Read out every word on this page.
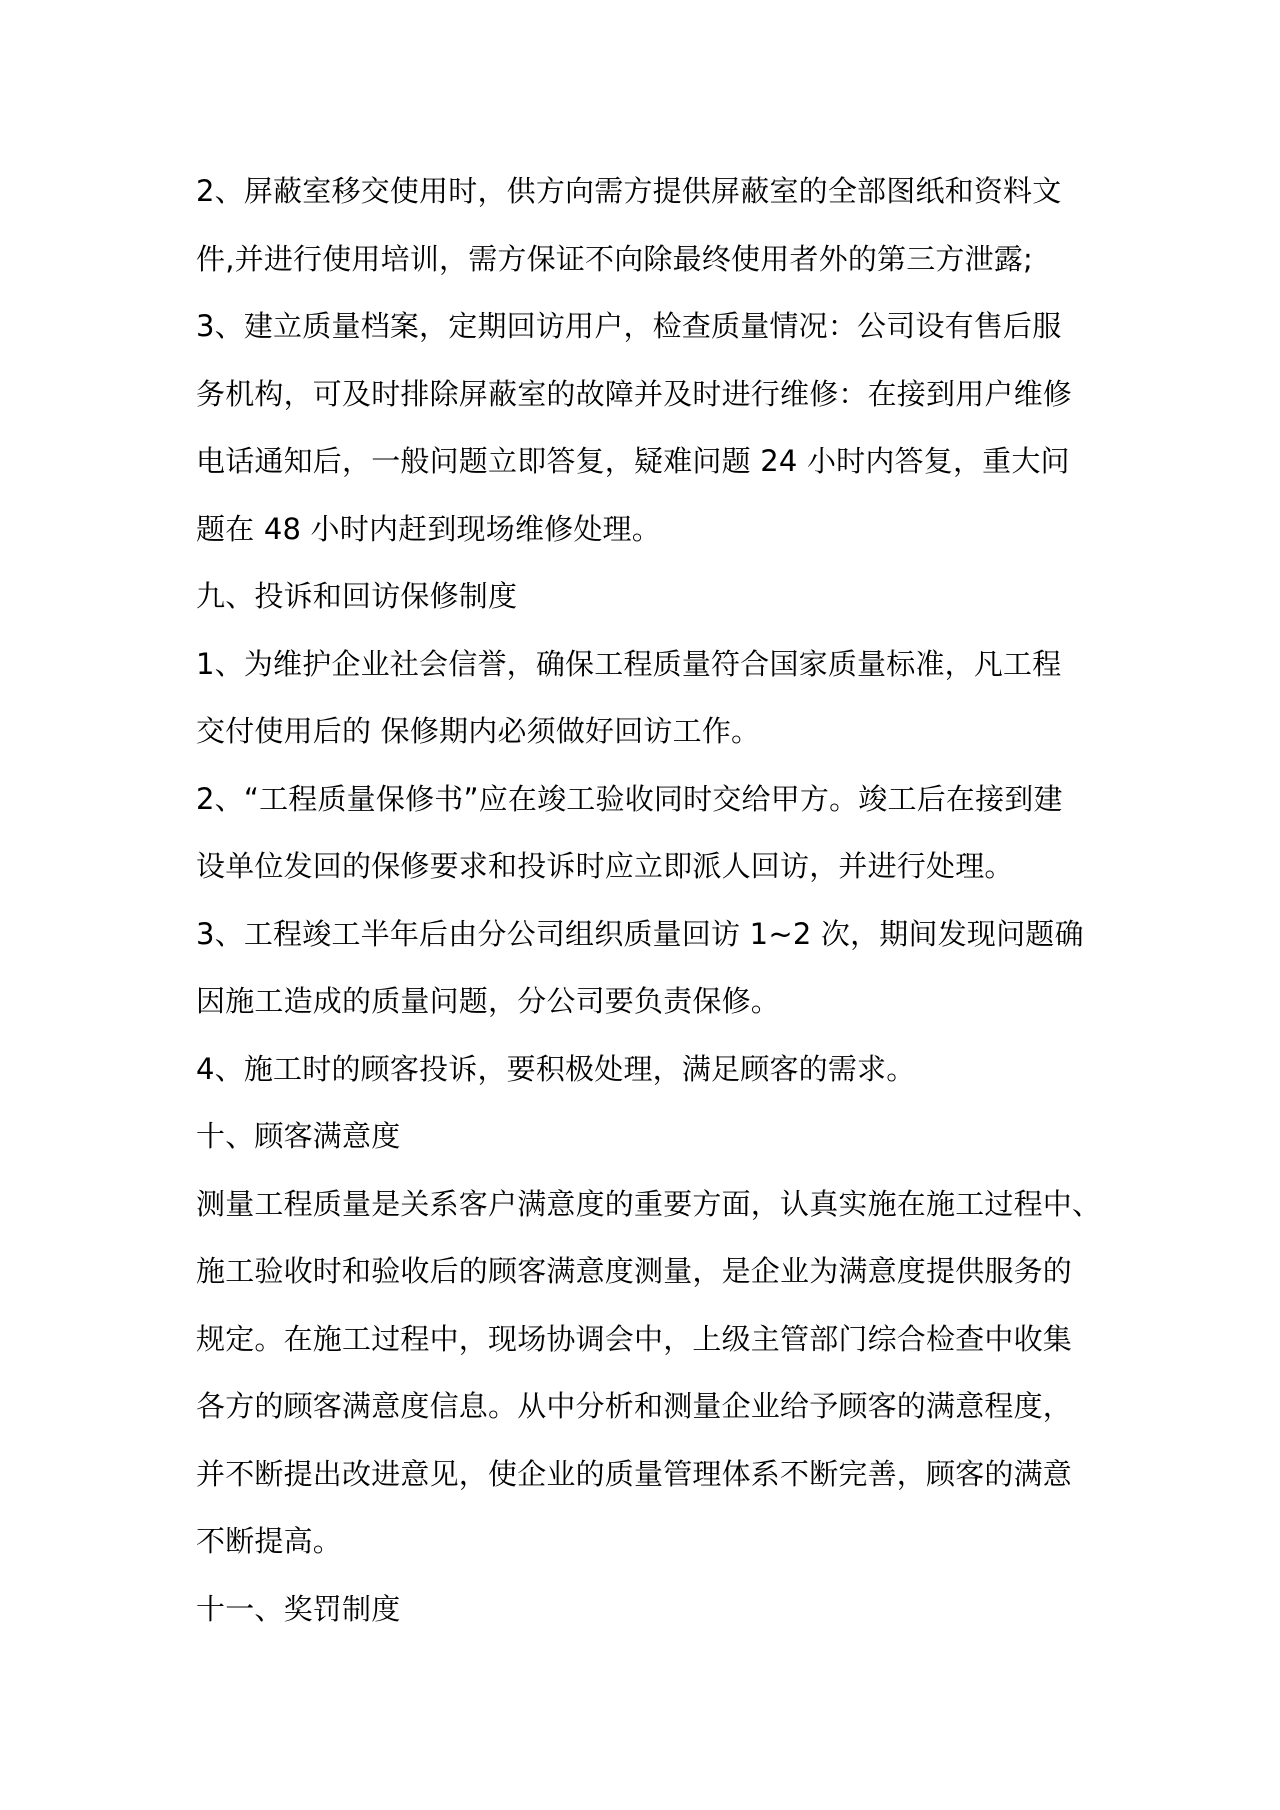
2、屏蔽室移交使用时，供方向需方提供屏蔽室的全部图纸和资料文
件,并进行使用培训，需方保证不向除最终使用者外的第三方泄露;
3、建立质量档案，定期回访用户，检查质量情况：公司设有售后服
务机构，可及时排除屏蔽室的故障并及时进行维修：在接到用户维修
电话通知后，一般问题立即答复，疑难问题 24 小时内答复，重大问
题在 48 小时内赶到现场维修处理。
九、投诉和回访保修制度
1、为维护企业社会信誉，确保工程质量符合国家质量标准，凡工程
交付使用后的 保修期内必须做好回访工作。
2、“工程质量保修书”应在竣工验收同时交给甲方。竣工后在接到建
设单位发回的保修要求和投诉时应立即派人回访，并进行处理。
3、工程竣工半年后由分公司组织质量回访 1~2 次，期间发现问题确
因施工造成的质量问题，分公司要负责保修。
4、施工时的顾客投诉，要积极处理，满足顾客的需求。
十、顾客满意度
测量工程质量是关系客户满意度的重要方面，认真实施在施工过程中、
施工验收时和验收后的顾客满意度测量，是企业为满意度提供服务的
规定。在施工过程中，现场协调会中，上级主管部门综合检查中收集
各方的顾客满意度信息。从中分析和测量企业给予顾客的满意程度，
并不断提出改进意见，使企业的质量管理体系不断完善，顾客的满意
不断提高。
十一、奖罚制度
